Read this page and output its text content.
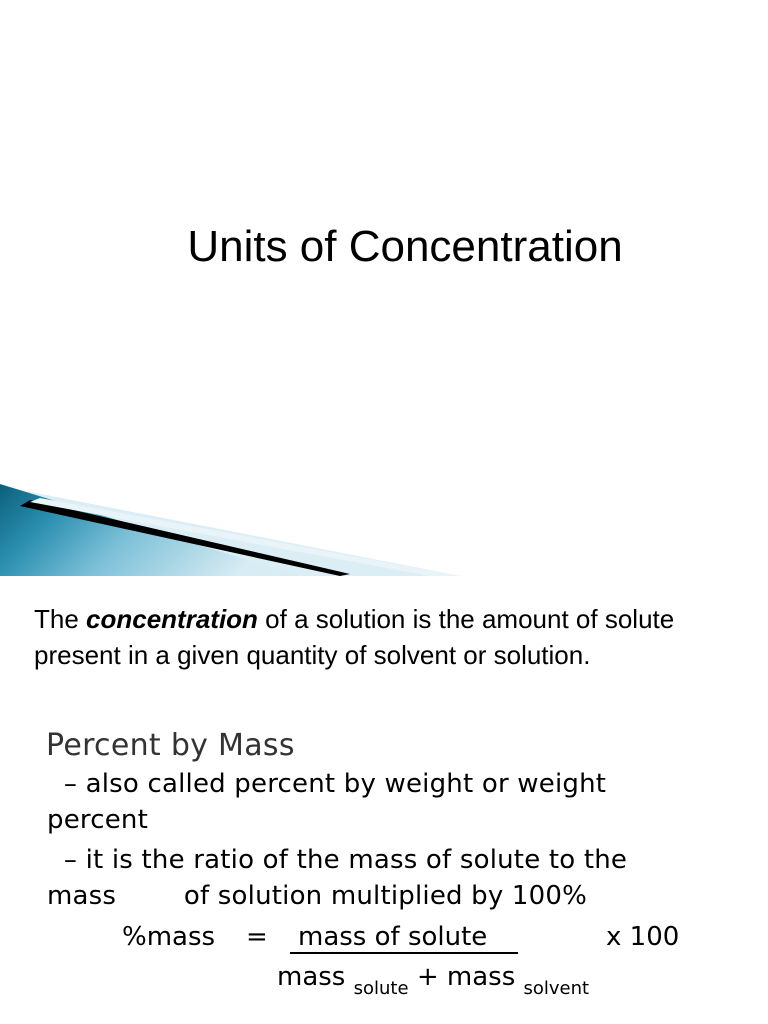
Units of Concentration
The concentration of a solution is the amount of solute present in a given quantity of solvent or solution.
Percent by Mass
– also called percent by weight or weight
percent
– it is the ratio of the mass of solute to the
mass        of solution multiplied by 100%
%mass =	mass of solute	x 100
mass $_{solute}$ + mass $_{solvent}$
